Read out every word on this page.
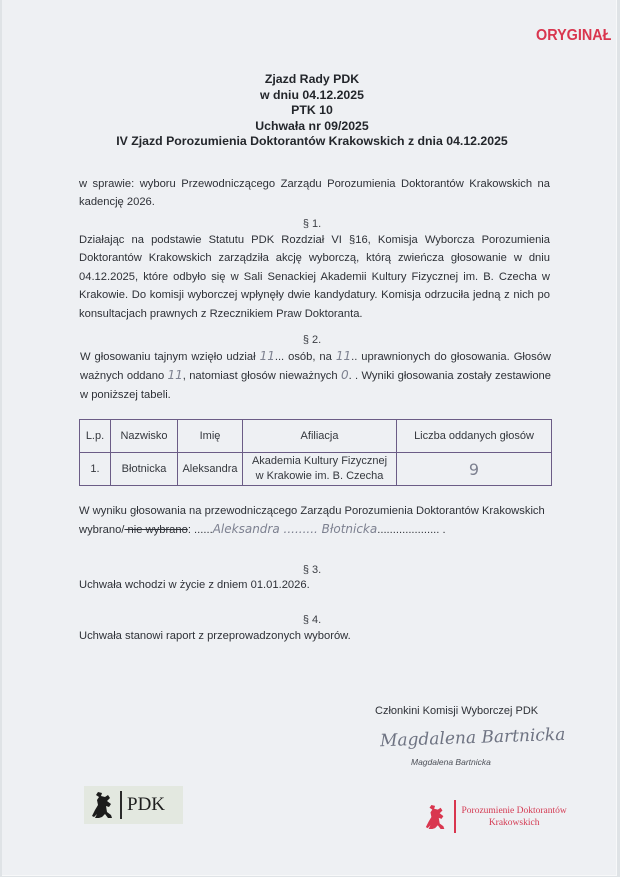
ORYGINAŁ
Zjazd Rady PDK
w dniu 04.12.2025
PTK 10
Uchwała nr 09/2025
IV Zjazd Porozumienia Doktorantów Krakowskich z dnia 04.12.2025
w sprawie: wyboru Przewodniczącego Zarządu Porozumienia Doktorantów Krakowskich na kadencję 2026.
§ 1.
Działając na podstawie Statutu PDK Rozdział VI §16, Komisja Wyborcza Porozumienia Doktorantów Krakowskich zarządziła akcję wyborczą, którą zwieńcza głosowanie w dniu 04.12.2025, które odbyło się w Sali Senackiej Akademii Kultury Fizycznej im. B. Czecha w Krakowie. Do komisji wyborczej wpłynęły dwie kandydatury. Komisja odrzuciła jedną z nich po konsultacjach prawnych z Rzecznikiem Praw Doktoranta.
§ 2.
W głosowaniu tajnym wzięło udział 11... osób, na 11.. uprawnionych do głosowania. Głosów ważnych oddano 11, natomiast głosów nieważnych 0. . Wyniki głosowania zostały zestawione w poniższej tabeli.
L.p.	Nazwisko	Imię	Afiliacja	Liczba oddanych głosów
1.	Błotnicka	Aleksandra	Akademia Kultury Fizycznej w Krakowie im. B. Czecha	9
W wyniku głosowania na przewodniczącego Zarządu Porozumienia Doktorantów Krakowskich
wybrano/ nie wybrano: ......Aleksandra ......... Błotnicka.................... .
§ 3.
Uchwała wchodzi w życie z dniem 01.01.2026.
§ 4.
Uchwała stanowi raport z przeprowadzonych wyborów.
Członkini Komisji Wyborczej PDK
Magdalena Bartnicka
Magdalena Bartnicka
PDK	Porozumienie Doktorantów
Krakowskich
